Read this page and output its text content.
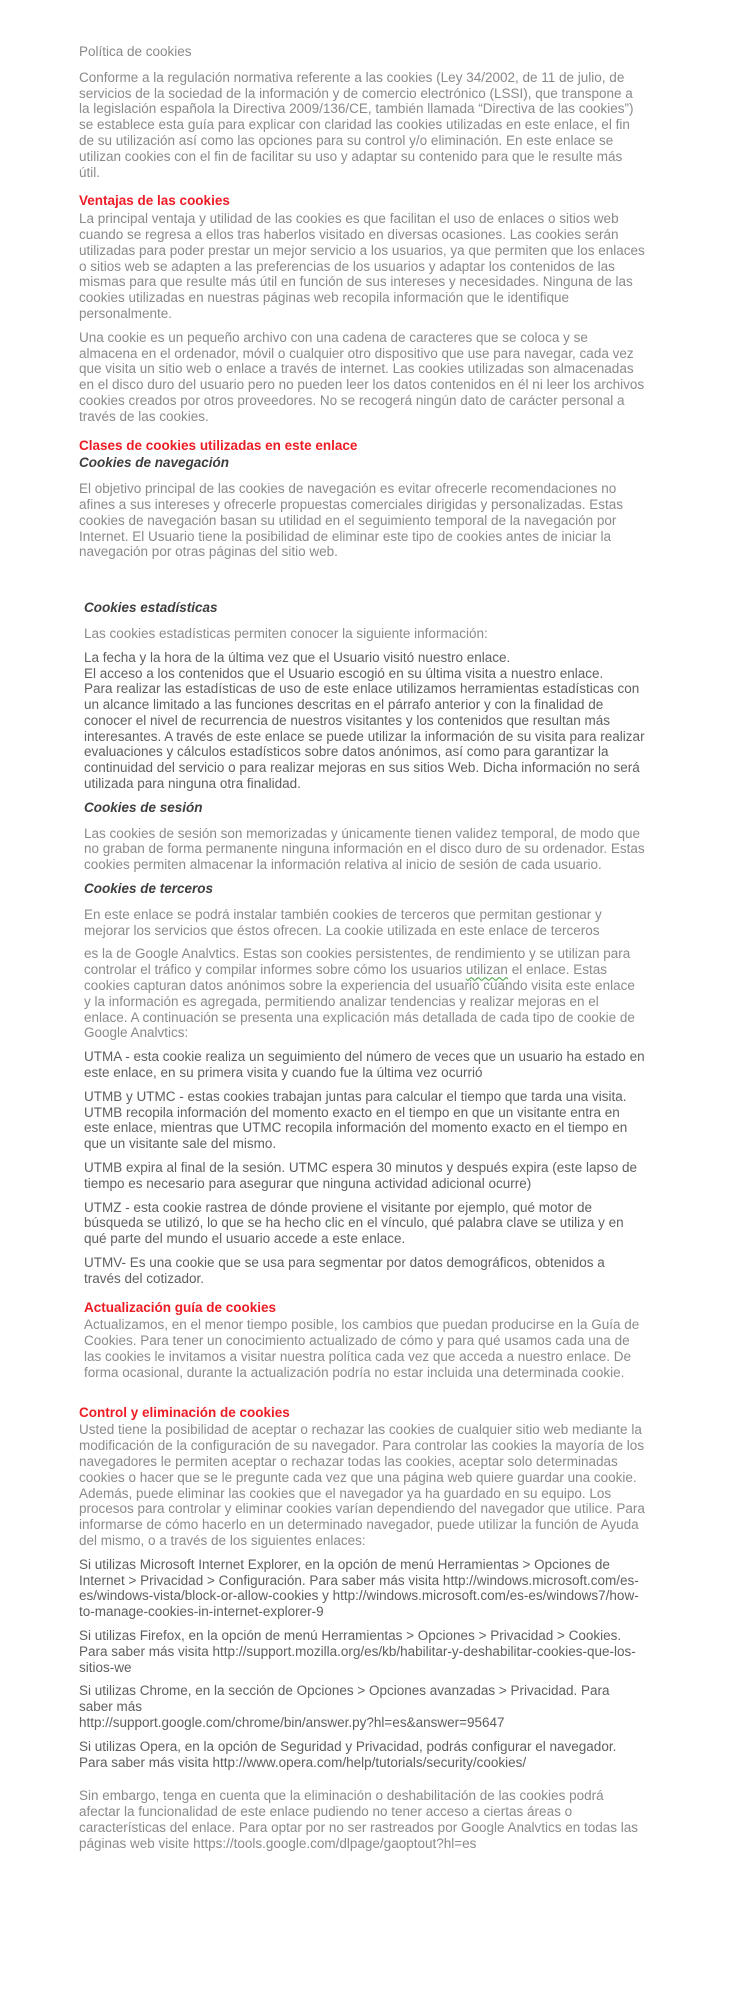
Política de cookies

Conforme a la regulación normativa referente a las cookies (Ley 34/2002, de 11 de julio, de servicios de la sociedad de la información y de comercio electrónico (LSSI), que transpone a la legislación española la Directiva 2009/136/CE, también llamada “Directiva de las cookies”) se establece esta guía para explicar con claridad las cookies utilizadas en este enlace, el fin de su utilización así como las opciones para su control y/o eliminación. En este enlace se utilizan cookies con el fin de facilitar su uso y adaptar su contenido para que le resulte más útil.

Ventajas de las cookies

La principal ventaja y utilidad de las cookies es que facilitan el uso de enlaces o sitios web cuando se regresa a ellos tras haberlos visitado en diversas ocasiones. Las cookies serán utilizadas para poder prestar un mejor servicio a los usuarios, ya que permiten que los enlaces o sitios web se adapten a las preferencias de los usuarios y adaptar los contenidos de las mismas para que resulte más útil en función de sus intereses y necesidades. Ninguna de las cookies utilizadas en nuestras páginas web recopila información que le identifique personalmente.

Una cookie es un pequeño archivo con una cadena de caracteres que se coloca y se almacena en el ordenador, móvil o cualquier otro dispositivo que use para navegar, cada vez que visita un sitio web o enlace a través de internet. Las cookies utilizadas son almacenadas en el disco duro del usuario pero no pueden leer los datos contenidos en él ni leer los archivos cookies creados por otros proveedores. No se recogerá ningún dato de carácter personal a través de las cookies.

Clases de cookies utilizadas en este enlace
Cookies de navegación

El objetivo principal de las cookies de navegación es evitar ofrecerle recomendaciones no afines a sus intereses y ofrecerle propuestas comerciales dirigidas y personalizadas. Estas cookies de navegación basan su utilidad en el seguimiento temporal de la navegación por Internet. El Usuario tiene la posibilidad de eliminar este tipo de cookies antes de iniciar la navegación por otras páginas del sitio web.

Cookies estadísticas

Las cookies estadísticas permiten conocer la siguiente información:

La fecha y la hora de la última vez que el Usuario visitó nuestro enlace.
El acceso a los contenidos que el Usuario escogió en su última visita a nuestro enlace.
Para realizar las estadísticas de uso de este enlace utilizamos herramientas estadísticas con un alcance limitado a las funciones descritas en el párrafo anterior y con la finalidad de conocer el nivel de recurrencia de nuestros visitantes y los contenidos que resultan más interesantes. A través de este enlace se puede utilizar la información de su visita para realizar evaluaciones y cálculos estadísticos sobre datos anónimos, así como para garantizar la continuidad del servicio o para realizar mejoras en sus sitios Web. Dicha información no será utilizada para ninguna otra finalidad.

Cookies de sesión

Las cookies de sesión son memorizadas y únicamente tienen validez temporal, de modo que no graban de forma permanente ninguna información en el disco duro de su ordenador. Estas cookies permiten almacenar la información relativa al inicio de sesión de cada usuario.

Cookies de terceros

En este enlace se podrá instalar también cookies de terceros que permitan gestionar y mejorar los servicios que éstos ofrecen. La cookie utilizada en este enlace de terceros

es la de Google Analvtics. Estas son cookies persistentes, de rendimiento y se utilizan para controlar el tráfico y compilar informes sobre cómo los usuarios utilizan el enlace. Estas cookies capturan datos anónimos sobre la experiencia del usuario cuando visita este enlace y la información es agregada, permitiendo analizar tendencias y realizar mejoras en el enlace. A continuación se presenta una explicación más detallada de cada tipo de cookie de Google Analvtics:

UTMA - esta cookie realiza un seguimiento del número de veces que un usuario ha estado en este enlace, en su primera visita y cuando fue la última vez ocurrió

UTMB y UTMC - estas cookies trabajan juntas para calcular el tiempo que tarda una visita. UTMB recopila información del momento exacto en el tiempo en que un visitante entra en este enlace, mientras que UTMC recopila información del momento exacto en el tiempo en que un visitante sale del mismo.

UTMB expira al final de la sesión. UTMC espera 30 minutos y después expira (este lapso de tiempo es necesario para asegurar que ninguna actividad adicional ocurre)

UTMZ - esta cookie rastrea de dónde proviene el visitante por ejemplo, qué motor de búsqueda se utilizó, lo que se ha hecho clic en el vínculo, qué palabra clave se utiliza y en qué parte del mundo el usuario accede a este enlace.

UTMV- Es una cookie que se usa para segmentar por datos demográficos, obtenidos a través del cotizador.

Actualización guía de cookies

Actualizamos, en el menor tiempo posible, los cambios que puedan producirse en la Guía de Cookies. Para tener un conocimiento actualizado de cómo y para qué usamos cada una de las cookies le invitamos a visitar nuestra política cada vez que acceda a nuestro enlace. De forma ocasional, durante la actualización podría no estar incluida una determinada cookie.

Control y eliminación de cookies

Usted tiene la posibilidad de aceptar o rechazar las cookies de cualquier sitio web mediante la modificación de la configuración de su navegador. Para controlar las cookies la mayoría de los navegadores le permiten aceptar o rechazar todas las cookies, aceptar solo determinadas cookies o hacer que se le pregunte cada vez que una página web quiere guardar una cookie. Además, puede eliminar las cookies que el navegador ya ha guardado en su equipo. Los procesos para controlar y eliminar cookies varían dependiendo del navegador que utilice. Para informarse de cómo hacerlo en un determinado navegador, puede utilizar la función de Ayuda del mismo, o a través de los siguientes enlaces:

Si utilizas Microsoft Internet Explorer, en la opción de menú Herramientas > Opciones de Internet > Privacidad > Configuración. Para saber más visita http://windows.microsoft.com/es-es/windows-vista/block-or-allow-cookies y http://windows.microsoft.com/es-es/windows7/how-to-manage-cookies-in-internet-explorer-9

Si utilizas Firefox, en la opción de menú Herramientas > Opciones > Privacidad > Cookies. Para saber más visita http://support.mozilla.org/es/kb/habilitar-y-deshabilitar-cookies-que-los-sitios-we

Si utilizas Chrome, en la sección de Opciones > Opciones avanzadas > Privacidad. Para saber más
http://support.google.com/chrome/bin/answer.py?hl=es&answer=95647

Si utilizas Opera, en la opción de Seguridad y Privacidad, podrás configurar el navegador. Para saber más visita http://www.opera.com/help/tutorials/security/cookies/

Sin embargo, tenga en cuenta que la eliminación o deshabilitación de las cookies podrá afectar la funcionalidad de este enlace pudiendo no tener acceso a ciertas áreas o características del enlace. Para optar por no ser rastreados por Google Analvtics en todas las páginas web visite https://tools.google.com/dlpage/gaoptout?hl=es
